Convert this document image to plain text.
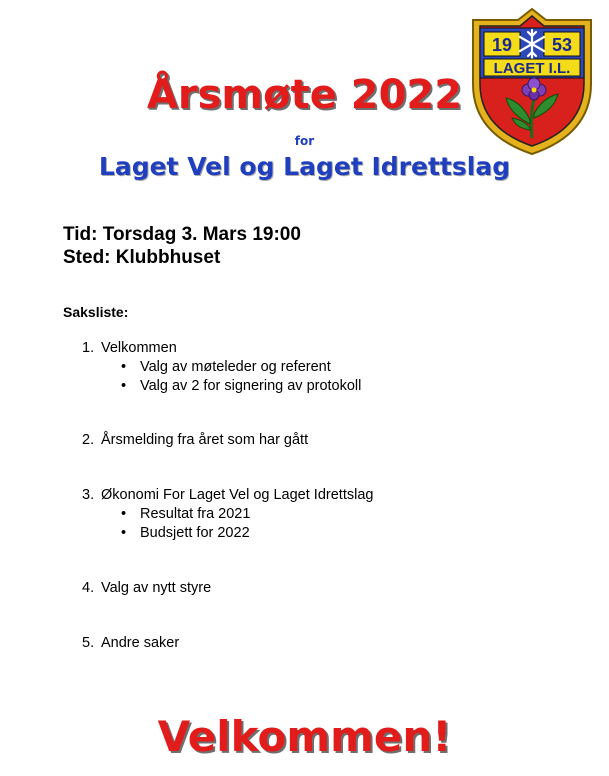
19 53
LAGET I.L.
Årsmøte 2022
for
Laget Vel og Laget Idrettslag
Tid: Torsdag 3. Mars 19:00
Sted: Klubbhuset
Saksliste:
1. Velkommen
• Valg av møteleder og referent
• Valg av 2 for signering av protokoll
2. Årsmelding fra året som har gått
3. Økonomi For Laget Vel og Laget Idrettslag
• Resultat fra 2021
• Budsjett for 2022
4. Valg av nytt styre
5. Andre saker
Velkommen!
